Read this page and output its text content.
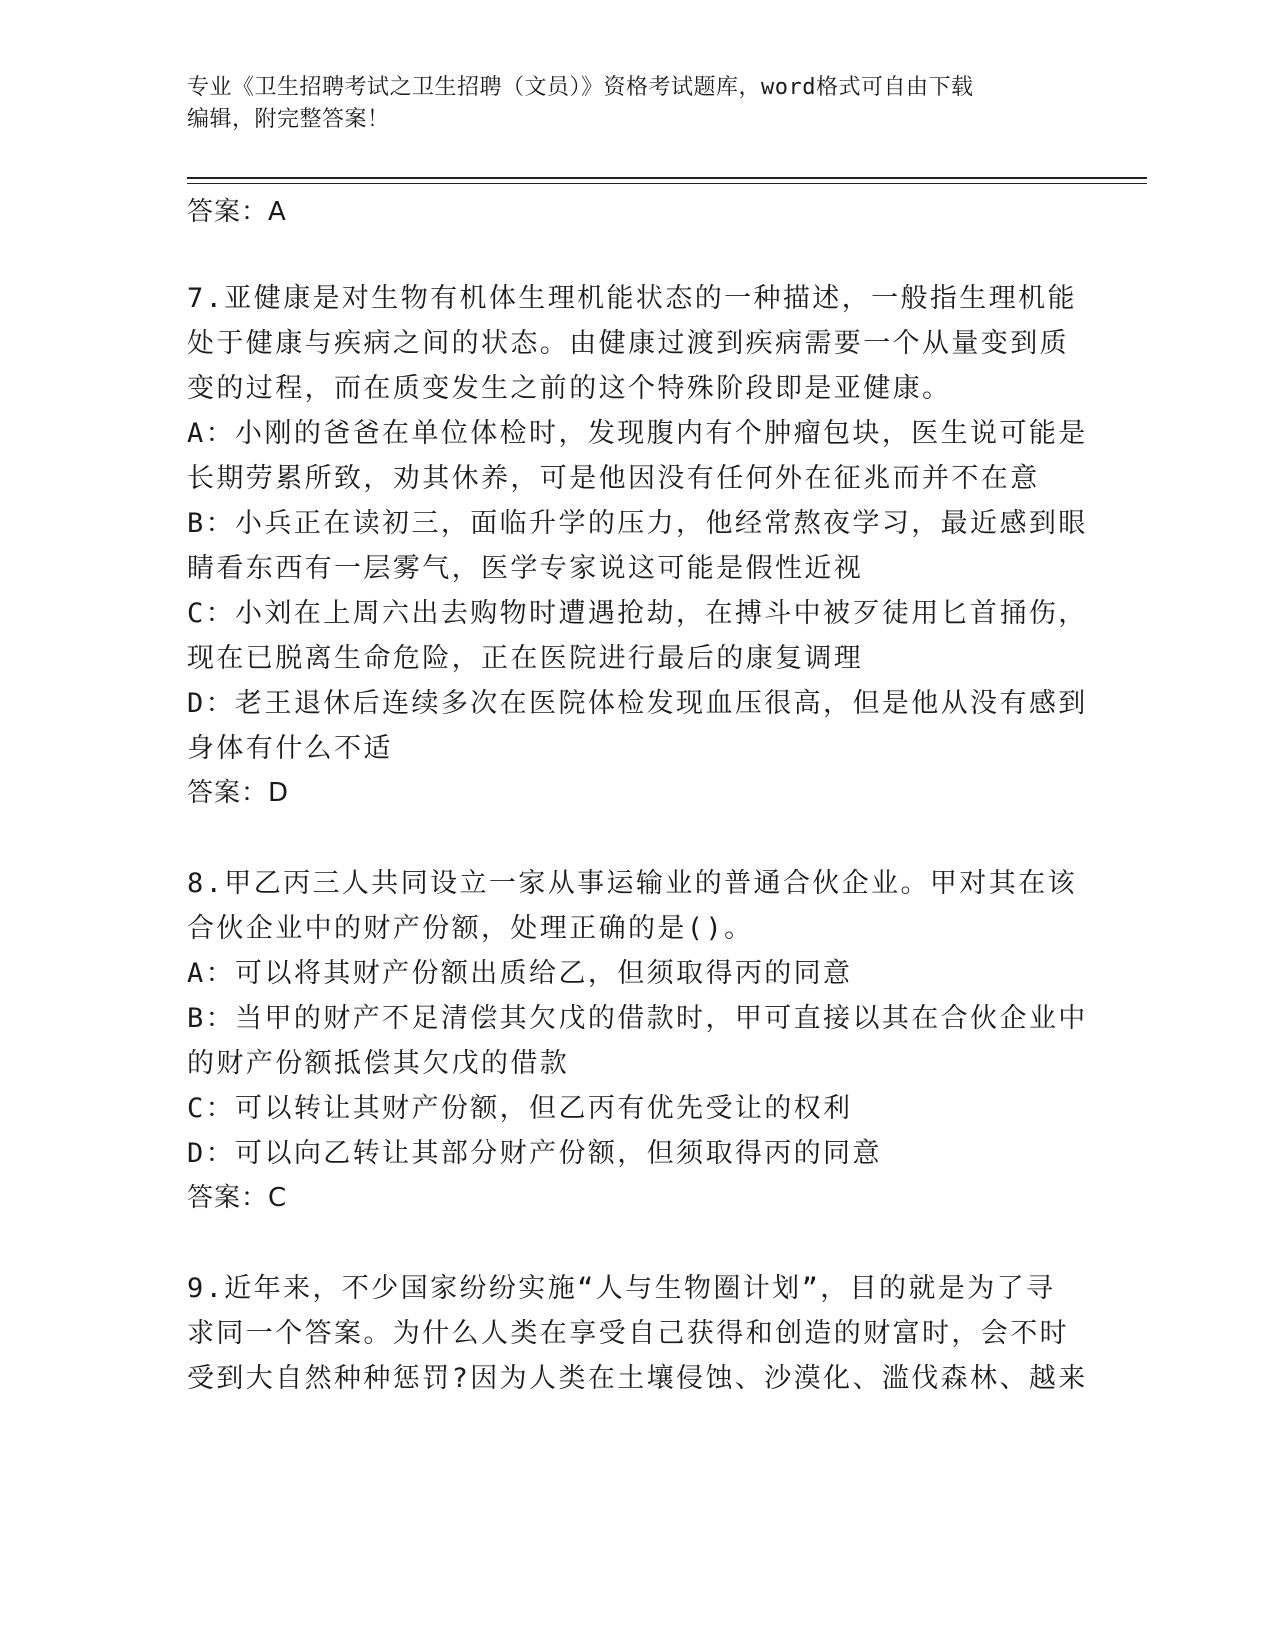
专业《卫生招聘考试之卫生招聘（文员）》资格考试题库，word格式可自由下载
编辑，附完整答案！

答案：A

7.亚健康是对生物有机体生理机能状态的一种描述，一般指生理机能

处于健康与疾病之间的状态。由健康过渡到疾病需要一个从量变到质

变的过程，而在质变发生之前的这个特殊阶段即是亚健康。

A：小刚的爸爸在单位体检时，发现腹内有个肿瘤包块，医生说可能是

长期劳累所致，劝其休养，可是他因没有任何外在征兆而并不在意

B：小兵正在读初三，面临升学的压力，他经常熬夜学习，最近感到眼

睛看东西有一层雾气，医学专家说这可能是假性近视

C：小刘在上周六出去购物时遭遇抢劫，在搏斗中被歹徒用匕首捅伤，

现在已脱离生命危险，正在医院进行最后的康复调理

D：老王退休后连续多次在医院体检发现血压很高，但是他从没有感到

身体有什么不适

答案：D

8.甲乙丙三人共同设立一家从事运输业的普通合伙企业。甲对其在该

合伙企业中的财产份额，处理正确的是()。

A：可以将其财产份额出质给乙，但须取得丙的同意

B：当甲的财产不足清偿其欠戊的借款时，甲可直接以其在合伙企业中

的财产份额抵偿其欠戊的借款

C：可以转让其财产份额，但乙丙有优先受让的权利

D：可以向乙转让其部分财产份额，但须取得丙的同意

答案：C

9.近年来，不少国家纷纷实施“人与生物圈计划”，目的就是为了寻

求同一个答案。为什么人类在享受自己获得和创造的财富时，会不时

受到大自然种种惩罚?因为人类在土壤侵蚀、沙漠化、滥伐森林、越来
